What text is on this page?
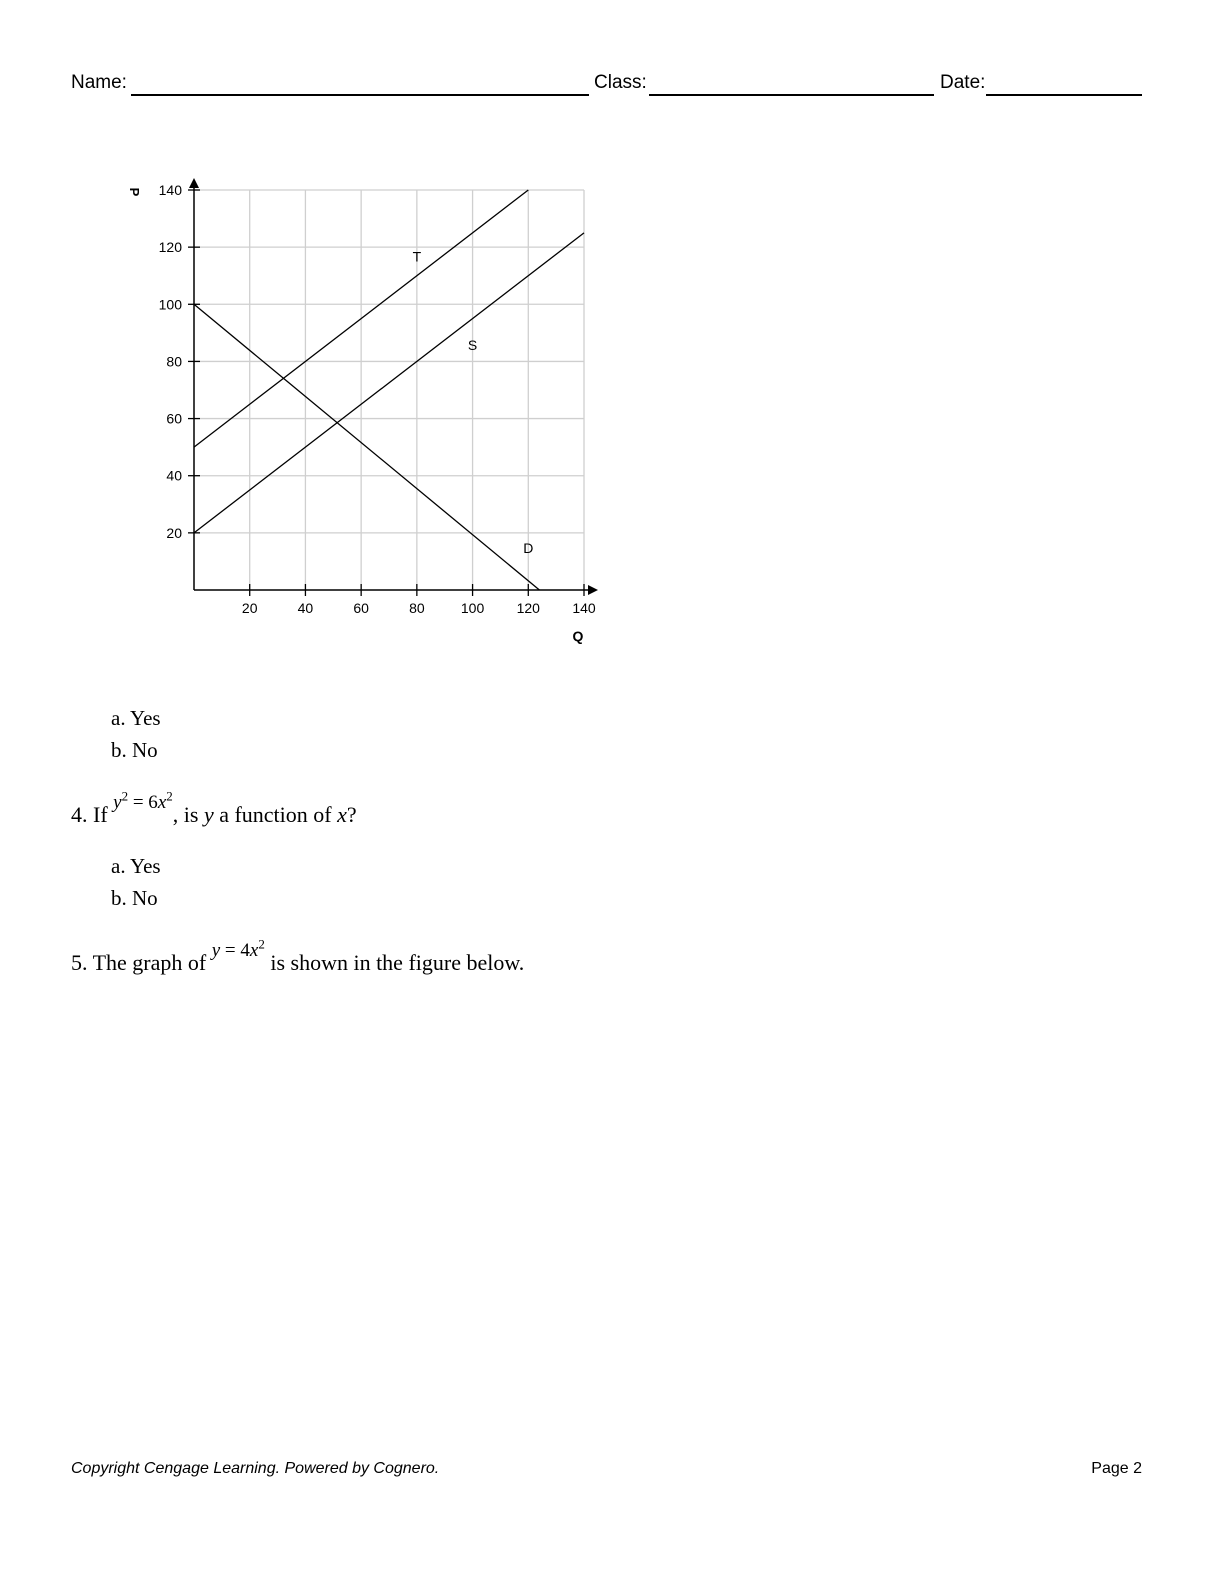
Name:	Class:	Date:
20	40	60	80	100 120 140
20
40
60
80
100
120
140
Q
P
T
S
D
a. Yes
b. No
4. If $y^2 = 6x^2$, is y a function of x?
a. Yes
b. No
5. The graph of $y = 4x^2$ is shown in the figure below.
Copyright Cengage Learning. Powered by Cognero.	Page 2
